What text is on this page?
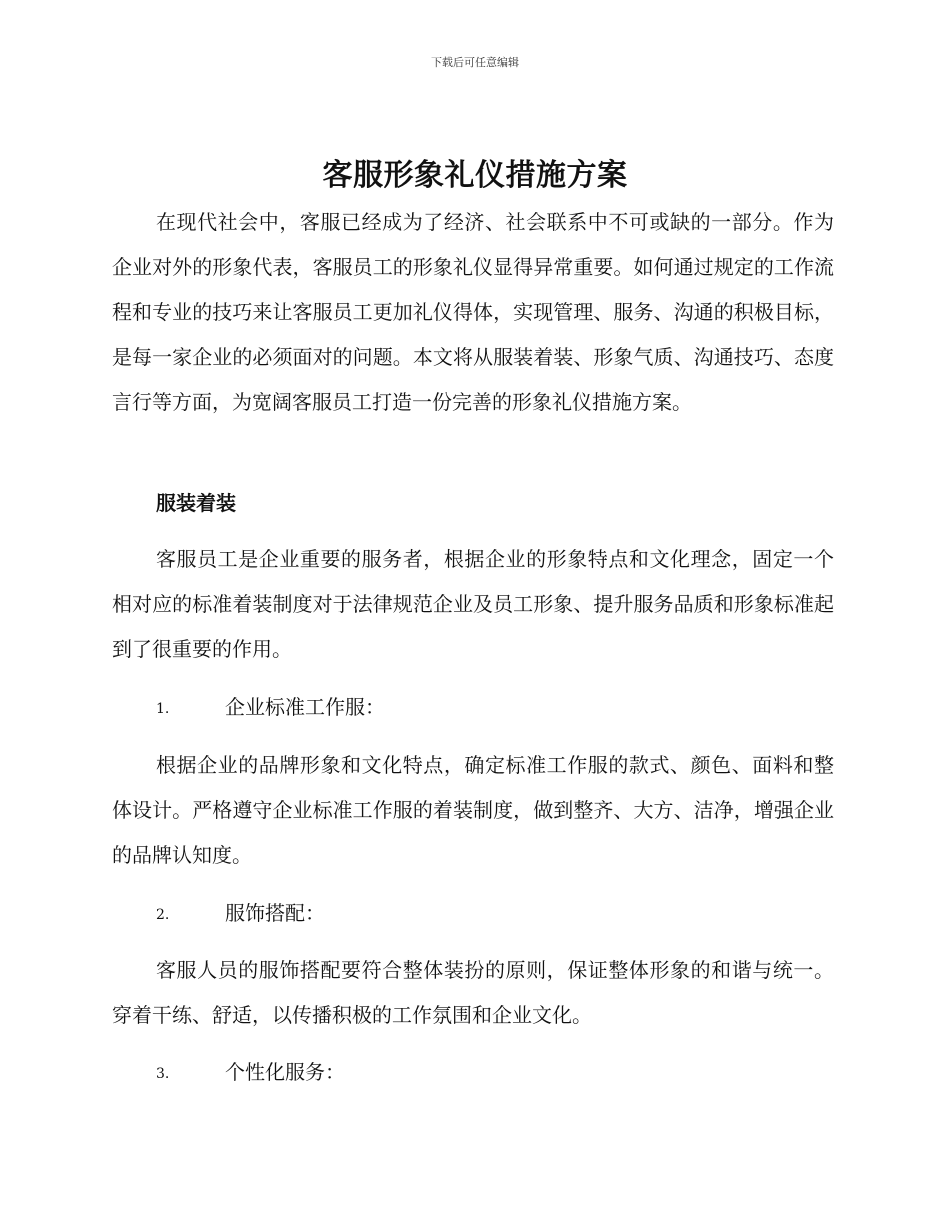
下载后可任意编辑
客服形象礼仪措施方案

在现代社会中，客服已经成为了经济、社会联系中不可或缺的一部分。作为企业对外的形象代表，客服员工的形象礼仪显得异常重要。如何通过规定的工作流程和专业的技巧来让客服员工更加礼仪得体，实现管理、服务、沟通的积极目标，是每一家企业的必须面对的问题。本文将从服装着装、形象气质、沟通技巧、态度言行等方面，为宽阔客服员工打造一份完善的形象礼仪措施方案。

服装着装

客服员工是企业重要的服务者，根据企业的形象特点和文化理念，固定一个相对应的标准着装制度对于法律规范企业及员工形象、提升服务品质和形象标准起到了很重要的作用。

1.	企业标准工作服：

根据企业的品牌形象和文化特点，确定标准工作服的款式、颜色、面料和整体设计。严格遵守企业标准工作服的着装制度，做到整齐、大方、洁净，增强企业的品牌认知度。

2.	服饰搭配：

客服人员的服饰搭配要符合整体装扮的原则，保证整体形象的和谐与统一。穿着干练、舒适，以传播积极的工作氛围和企业文化。

3.	个性化服务：
